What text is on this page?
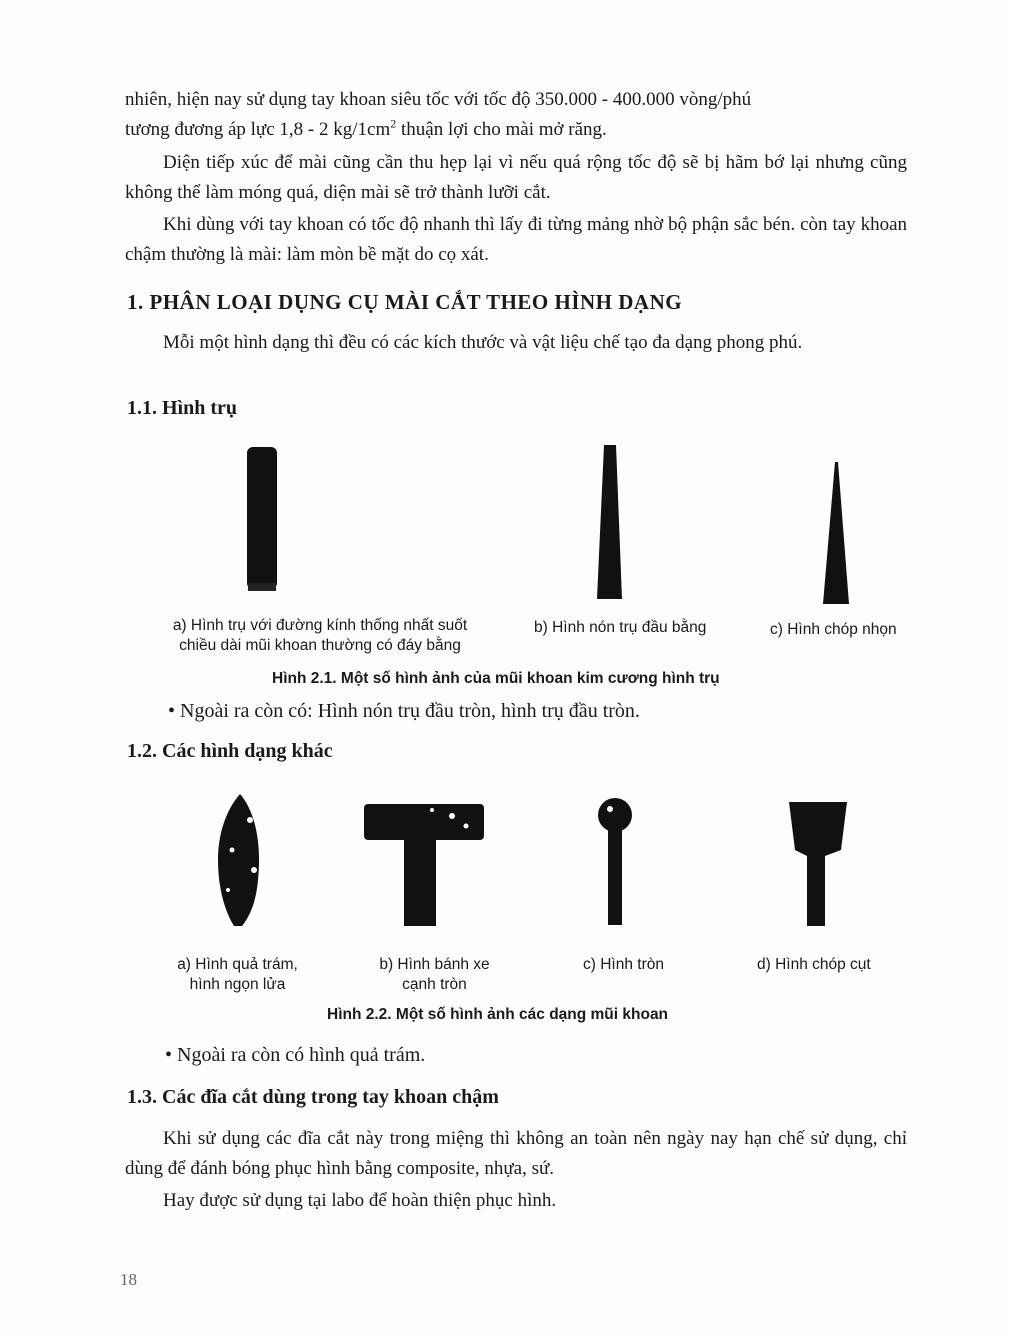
nhiên, hiện nay sử dụng tay khoan siêu tốc với tốc độ 350.000 - 400.000 vòng/phú

tương đương áp lực 1,8 - 2 $kg/1cm^2$ thuận lợi cho mài mở răng.

Diện tiếp xúc để mài cũng cần thu hẹp lại vì nếu quá rộng tốc độ sẽ bị hãm bớ lại nhưng cũng không thể làm móng quá, diện mài sẽ trở thành lưỡi cắt.

Khi dùng với tay khoan có tốc độ nhanh thì lấy đi từng mảng nhờ bộ phận sắc bén. còn tay khoan chậm thường là mài: làm mòn bề mặt do cọ xát.

1. PHÂN LOẠI DỤNG CỤ MÀI CẮT THEO HÌNH DẠNG

Mỗi một hình dạng thì đều có các kích thước và vật liệu chế tạo đa dạng phong phú.

1.1. Hình trụ

a) Hình trụ với đường kính thống nhất suốt
chiều dài mũi khoan thường có đáy bằng

b) Hình nón trụ đầu bằng	c) Hình chóp nhọn

Hình 2.1. Một số hình ảnh của mũi khoan kim cương hình trụ

• Ngoài ra còn có: Hình nón trụ đầu tròn, hình trụ đầu tròn.

1.2. Các hình dạng khác

a) Hình quả trám,
hình ngọn lửa

b) Hình bánh xe
cạnh tròn

c) Hình tròn	d) Hình chóp cụt

Hình 2.2. Một số hình ảnh các dạng mũi khoan

• Ngoài ra còn có hình quả trám.

1.3. Các đĩa cắt dùng trong tay khoan chậm

Khi sử dụng các đĩa cắt này trong miệng thì không an toàn nên ngày nay hạn chế sử dụng, chỉ dùng để đánh bóng phục hình bằng composite, nhựa, sứ.

Hay được sử dụng tại labo để hoàn thiện phục hình.

18
